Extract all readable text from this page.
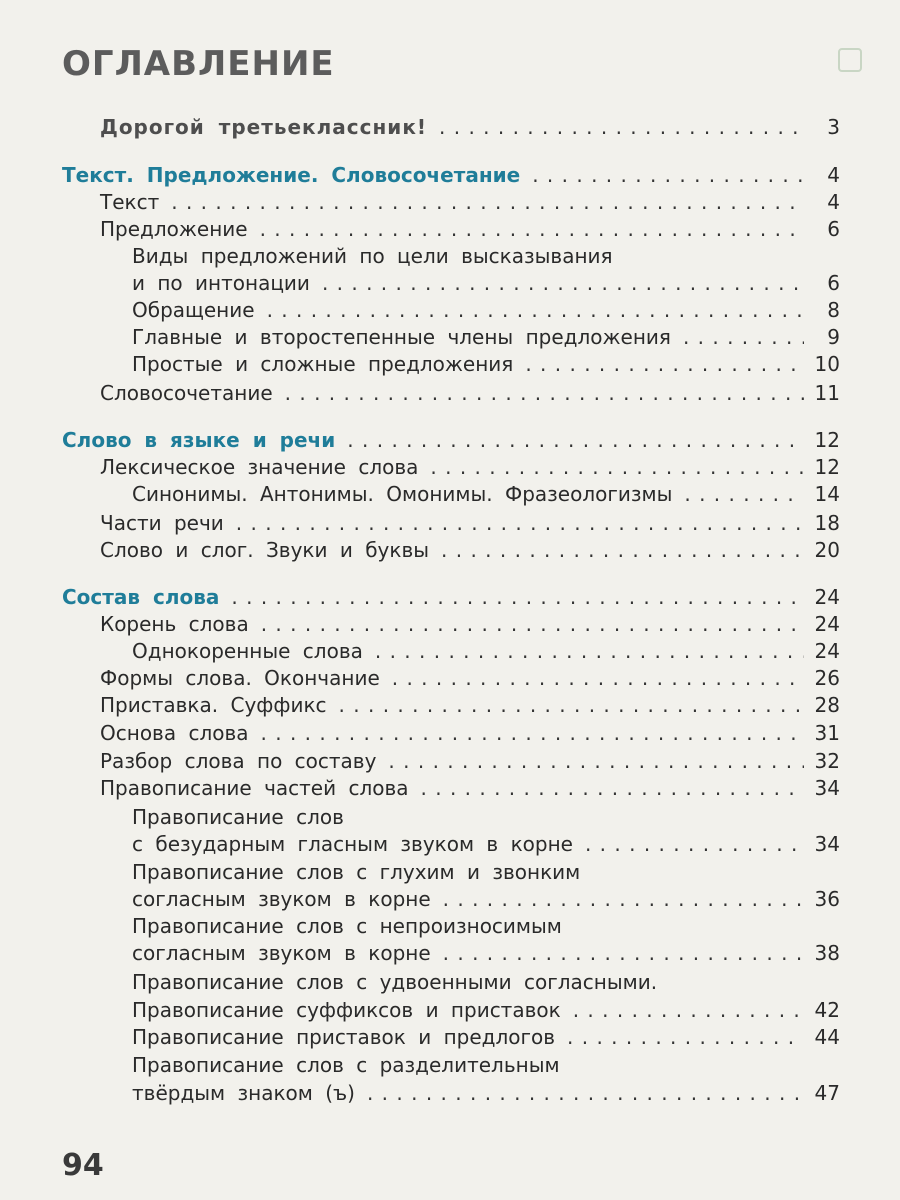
ОГЛАВЛЕНИЕ
Дорогой третьеклассник! . . .	3
Текст. Предложение. Словосочетание . . .	4
Текст . . .	4
Предложение . . .	6
Виды предложений по цели высказывания
и по интонации . . .	6
Обращение . . .	8
Главные и второстепенные члены предложения . . .	9
Простые и сложные предложения . . .	10
Словосочетание . . .	11
Слово в языке и речи . . .	12
Лексическое значение слова . . .	12
Синонимы. Антонимы. Омонимы. Фразеологизмы . . .	14
Части речи . . .	18
Слово и слог. Звуки и буквы . . .	20
Состав слова . . .	24
Корень слова . . .	24
Однокоренные слова . . .	24
Формы слова. Окончание . . .	26
Приставка. Суффикс . . .	28
Основа слова . . .	31
Разбор слова по составу . . .	32
Правописание частей слова . . .	34
Правописание слов
с безударным гласным звуком в корне . . .	34
Правописание слов с глухим и звонким
согласным звуком в корне . . .	36
Правописание слов с непроизносимым
согласным звуком в корне . . .	38
Правописание слов с удвоенными согласными.
Правописание суффиксов и приставок . . .	42
Правописание приставок и предлогов . . .	44
Правописание слов с разделительным
твёрдым знаком (ъ) . . .	47
94
